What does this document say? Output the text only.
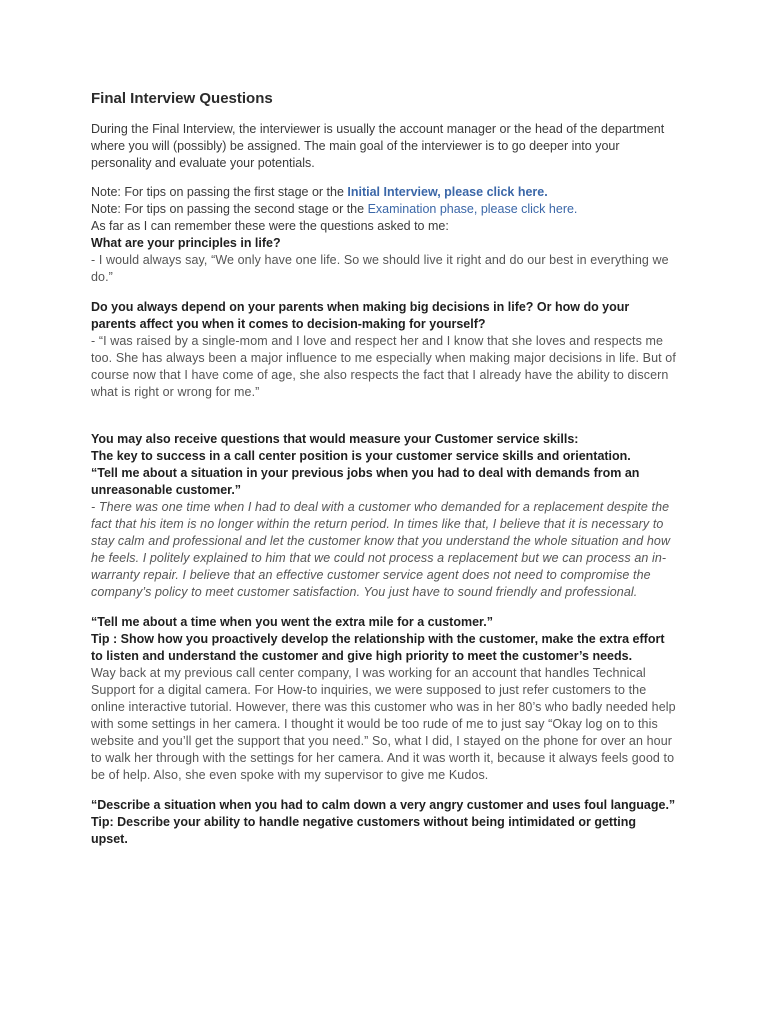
Final Interview Questions

During the Final Interview, the interviewer is usually the account manager or the head of the department where you will (possibly) be assigned. The main goal of the interviewer is to go deeper into your personality and evaluate your potentials.

Note: For tips on passing the first stage or the Initial Interview, please click here.

Note: For tips on passing the second stage or the Examination phase, please click here.

As far as I can remember these were the questions asked to me:

What are your principles in life?

- I would always say, “We only have one life. So we should live it right and do our best in everything we do.”

Do you always depend on your parents when making big decisions in life? Or how do your parents affect you when it comes to decision-making for yourself?

- “I was raised by a single-mom and I love and respect her and I know that she loves and respects me too. She has always been a major influence to me especially when making major decisions in life. But of course now that I have come of age, she also respects the fact that I already have the ability to discern what is right or wrong for me.”

You may also receive questions that would measure your Customer service skills:

The key to success in a call center position is your customer service skills and orientation.

“Tell me about a situation in your previous jobs when you had to deal with demands from an unreasonable customer.”

- There was one time when I had to deal with a customer who demanded for a replacement despite the fact that his item is no longer within the return period. In times like that, I believe that it is necessary to stay calm and professional and let the customer know that you understand the whole situation and how he feels. I politely explained to him that we could not process a replacement but we can process an in-warranty repair. I believe that an effective customer service agent does not need to compromise the company’s policy to meet customer satisfaction. You just have to sound friendly and professional.

“Tell me about a time when you went the extra mile for a customer.”

Tip : Show how you proactively develop the relationship with the customer, make the extra effort to listen and understand the customer and give high priority to meet the customer’s needs.

Way back at my previous call center company, I was working for an account that handles Technical Support for a digital camera. For How-to inquiries, we were supposed to just refer customers to the online interactive tutorial. However, there was this customer who was in her 80’s who badly needed help with some settings in her camera. I thought it would be too rude of me to just say “Okay log on to this website and you’ll get the support that you need.” So, what I did, I stayed on the phone for over an hour to walk her through with the settings for her camera. And it was worth it, because it always feels good to be of help. Also, she even spoke with my supervisor to give me Kudos.

“Describe a situation when you had to calm down a very angry customer and uses foul language.” Tip: Describe your ability to handle negative customers without being intimidated or getting upset.
